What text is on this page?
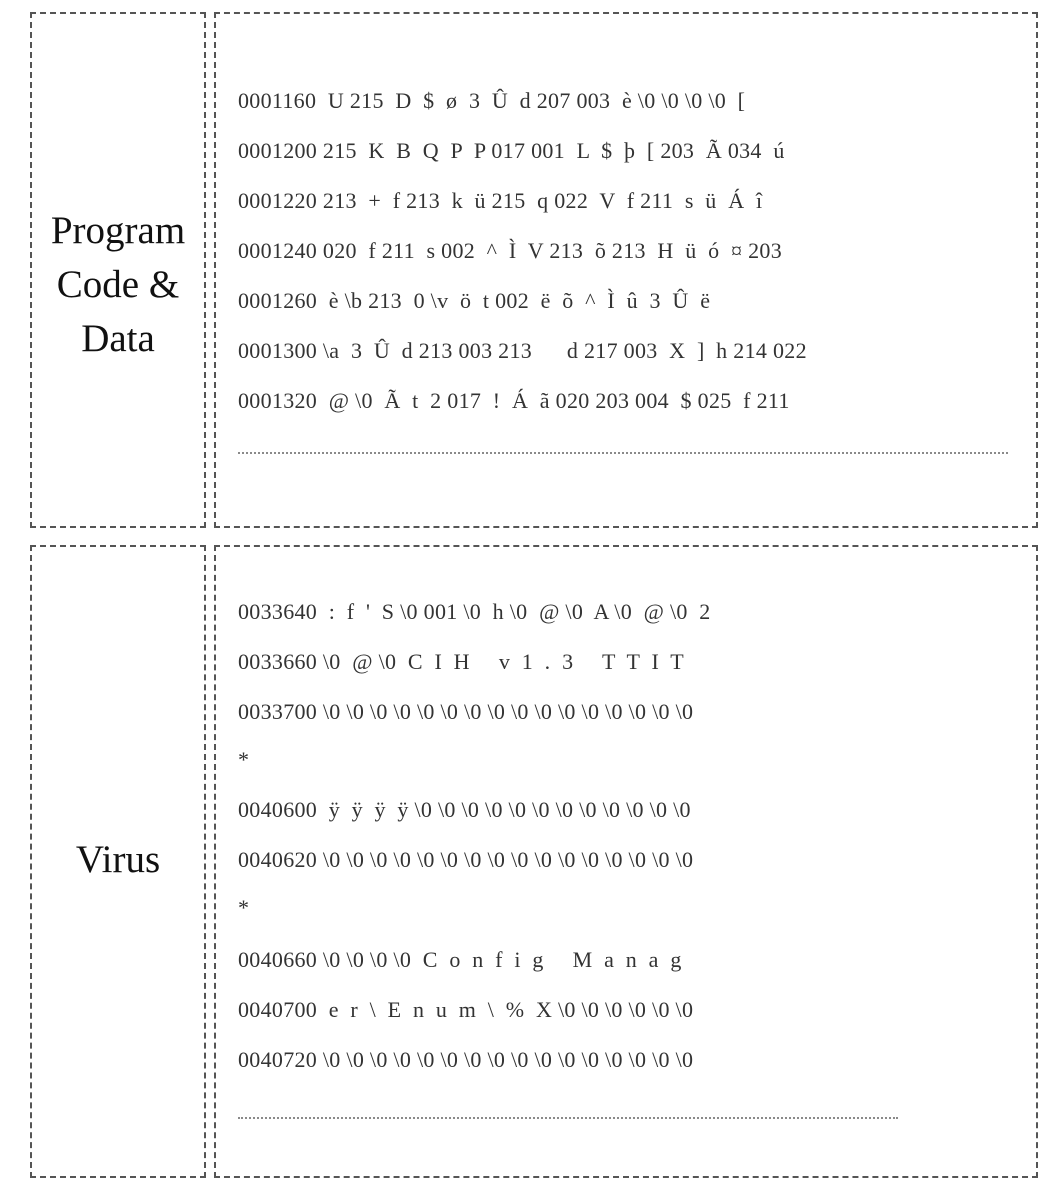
Program
Code &
Data
0001160  U 215  D  $  ø  3  Û  d 207 003  è \0 \0 \0 \0  [
0001200 215  K  B  Q  P  P 017 001  L  $  þ  [ 203  Ã 034  ú
0001220 213  +  f 213  k  ü 215  q 022  V  f 211  s  ü  Á  î
0001240 020  f 211  s 002  ^  Ì  V 213  õ 213  H  ü  ó  ¤ 203
0001260  è \b 213  0 \v  ö  t 002  ë  õ  ^  Ì  û  3  Û  ë
0001300 \a  3  Û  d 213 003 213      d 217 003  X  ]  h 214 022
0001320  @ \0  Ã  t  2 017  !  Á  ã 020 203 004  $ 025  f 211
Virus
0033640  :  f  '  S \0 001 \0  h \0  @ \0  A \0  @ \0  2
0033660 \0  @ \0  C  I  H     v  1  .  3     T  T  I  T
0033700 \0 \0 \0 \0 \0 \0 \0 \0 \0 \0 \0 \0 \0 \0 \0 \0
*
0040600  ÿ  ÿ  ÿ  ÿ \0 \0 \0 \0 \0 \0 \0 \0 \0 \0 \0 \0
0040620 \0 \0 \0 \0 \0 \0 \0 \0 \0 \0 \0 \0 \0 \0 \0 \0
*
0040660 \0 \0 \0 \0  C  o  n  f  i  g     M  a  n  a  g
0040700  e  r  \  E  n  u  m  \  %  X \0 \0 \0 \0 \0 \0
0040720 \0 \0 \0 \0 \0 \0 \0 \0 \0 \0 \0 \0 \0 \0 \0 \0
